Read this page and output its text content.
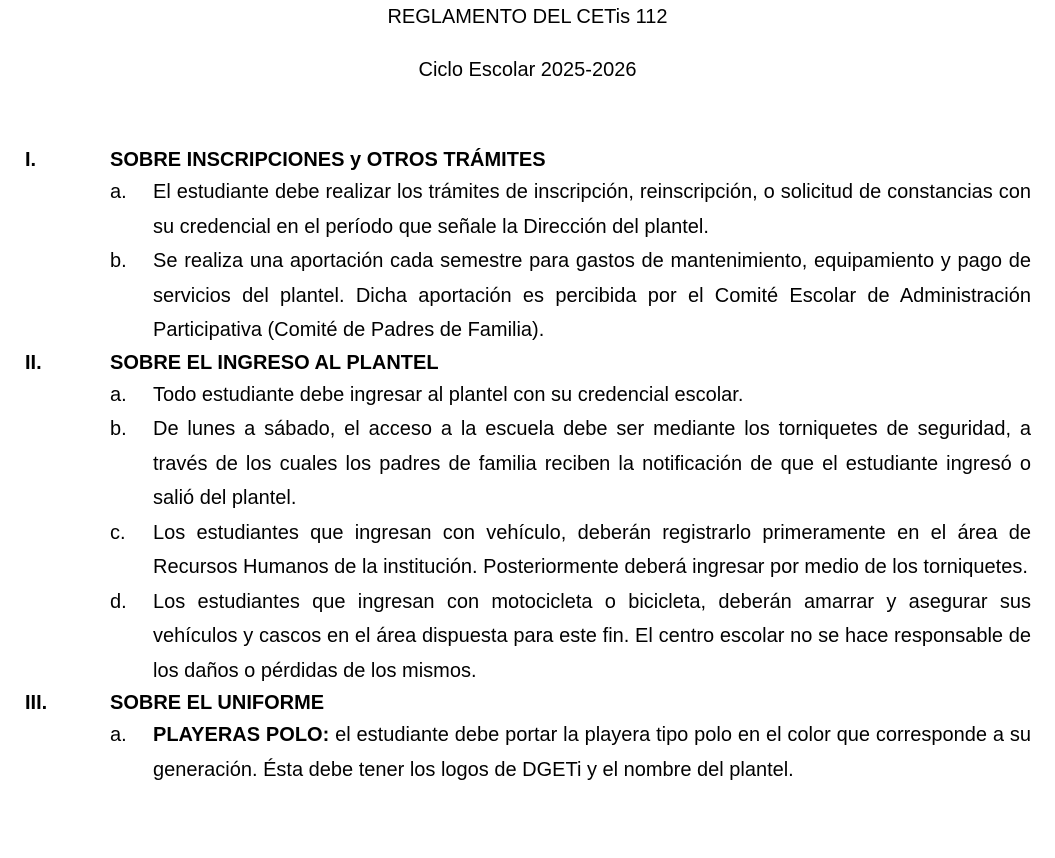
REGLAMENTO DEL CETis 112
Ciclo Escolar 2025-2026
I.	SOBRE INSCRIPCIONES y OTROS TRÁMITES
a. El estudiante debe realizar los trámites de inscripción, reinscripción, o solicitud de constancias con su credencial en el período que señale la Dirección del plantel.

b. Se realiza una aportación cada semestre para gastos de mantenimiento, equipamiento y pago de servicios del plantel. Dicha aportación es percibida por el Comité Escolar de Administración Participativa (Comité de Padres de Familia).

II.	SOBRE EL INGRESO AL PLANTEL
a. Todo estudiante debe ingresar al plantel con su credencial escolar.

b. De lunes a sábado, el acceso a la escuela debe ser mediante los torniquetes de seguridad, a través de los cuales los padres de familia reciben la notificación de que el estudiante ingresó o salió del plantel.

c. Los estudiantes que ingresan con vehículo, deberán registrarlo primeramente en el área de Recursos Humanos de la institución. Posteriormente deberá ingresar por medio de los torniquetes.

d. Los estudiantes que ingresan con motocicleta o bicicleta, deberán amarrar y asegurar sus vehículos y cascos en el área dispuesta para este fin. El centro escolar no se hace responsable de los daños o pérdidas de los mismos.

III.	SOBRE EL UNIFORME
a. PLAYERAS POLO: el estudiante debe portar la playera tipo polo en el color que corresponde a su generación. Ésta debe tener los logos de DGETi y el nombre del plantel.
